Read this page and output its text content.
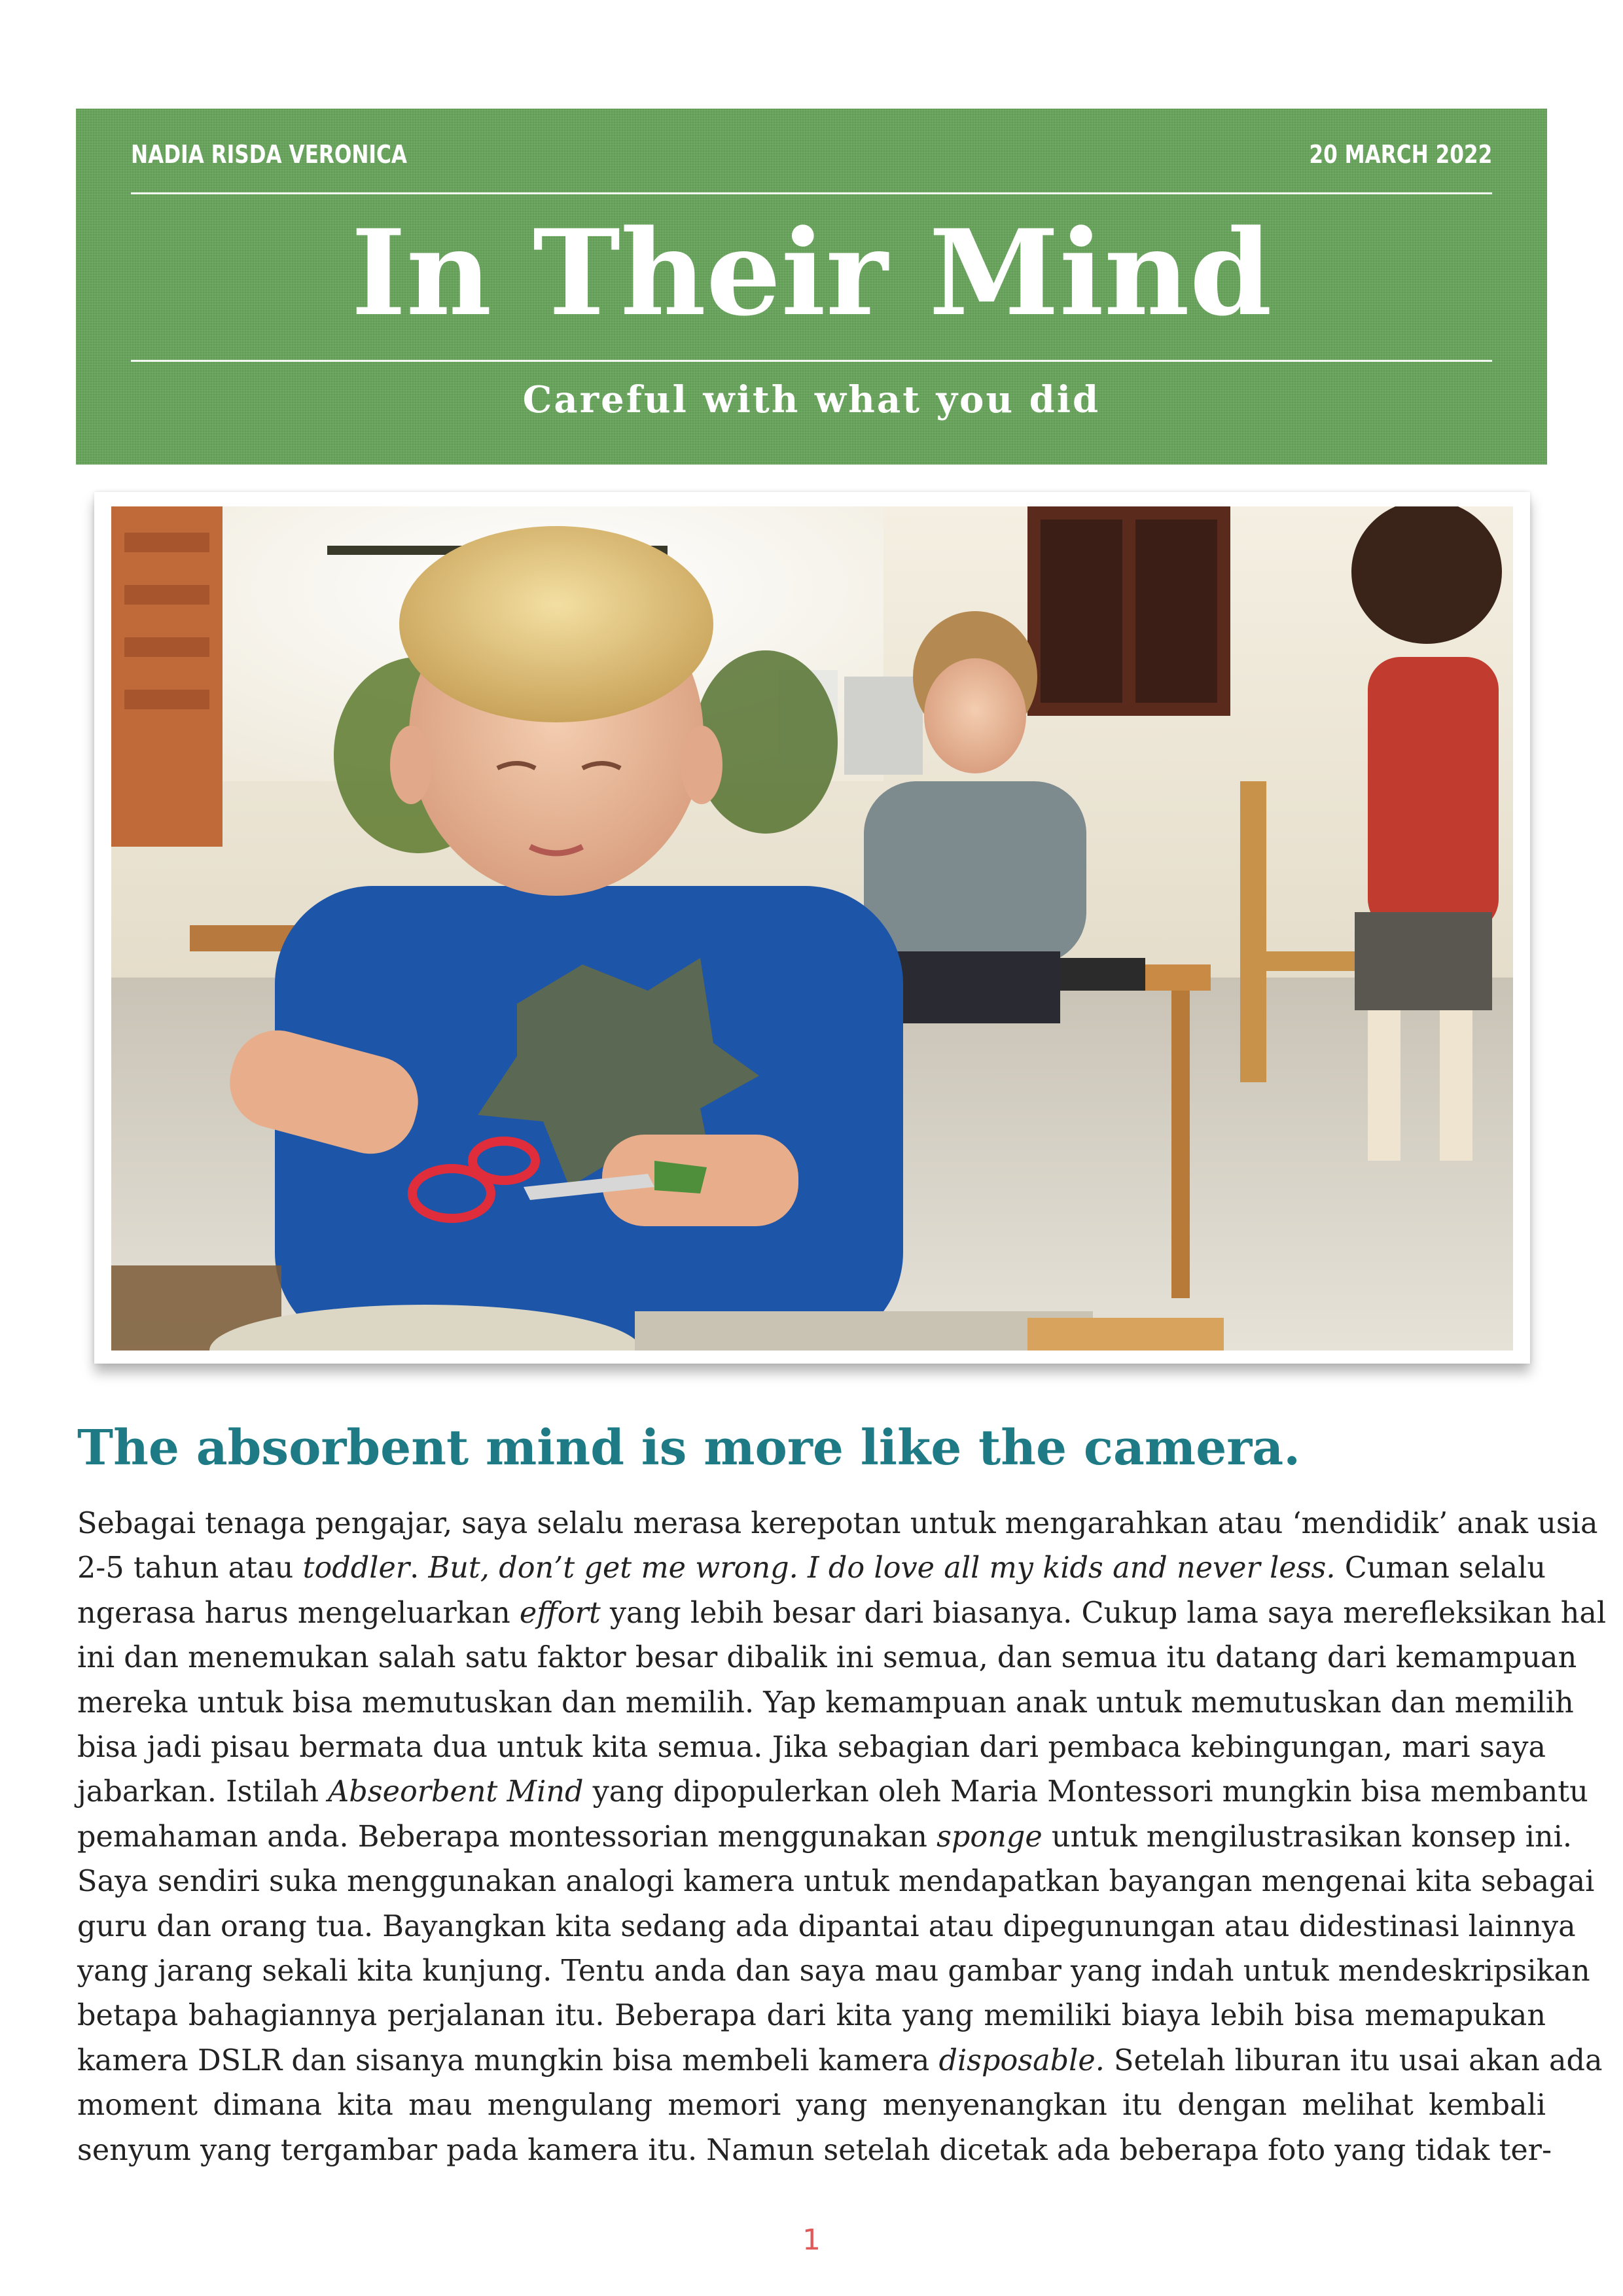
NADIA RISDA VERONICA	20 MARCH 2022
In Their Mind
Careful with what you did
The absorbent mind is more like the camera.

Sebagai tenaga pengajar, saya selalu merasa kerepotan untuk mengarahkan atau ‘mendidik’ anak usia
2-5 tahun atau toddler. But, don’t get me wrong. I do love all my kids and never less. Cuman selalu
ngerasa harus mengeluarkan effort yang lebih besar dari biasanya. Cukup lama saya merefleksikan hal
ini dan menemukan salah satu faktor besar dibalik ini semua, dan semua itu datang dari kemampuan
mereka untuk bisa memutuskan dan memilih. Yap kemampuan anak untuk memutuskan dan memilih
bisa jadi pisau bermata dua untuk kita semua. Jika sebagian dari pembaca kebingungan, mari saya
jabarkan. Istilah Abseorbent Mind yang dipopulerkan oleh Maria Montessori mungkin bisa membantu
pemahaman anda. Beberapa montessorian menggunakan sponge untuk mengilustrasikan konsep ini.
Saya sendiri suka menggunakan analogi kamera untuk mendapatkan bayangan mengenai kita sebagai
guru dan orang tua. Bayangkan kita sedang ada dipantai atau dipegunungan atau didestinasi lainnya
yang jarang sekali kita kunjung. Tentu anda dan saya mau gambar yang indah untuk mendeskripsikan
betapa bahagiannya perjalanan itu. Beberapa dari kita yang memiliki biaya lebih bisa memapukan
kamera DSLR dan sisanya mungkin bisa membeli kamera disposable. Setelah liburan itu usai akan ada
moment dimana kita mau mengulang memori yang menyenangkan itu dengan melihat kembali
senyum yang tergambar pada kamera itu. Namun setelah dicetak ada beberapa foto yang tidak ter-

1
